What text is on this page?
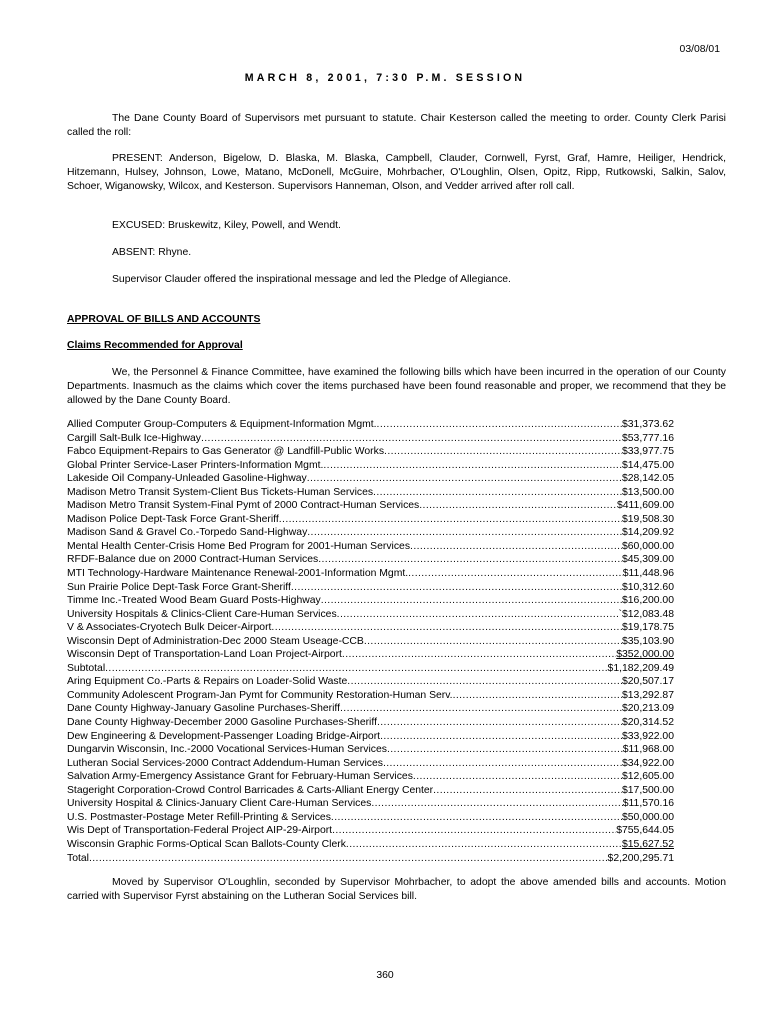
03/08/01
MARCH 8, 2001, 7:30 P.M. SESSION

The Dane County Board of Supervisors met pursuant to statute. Chair Kesterson called the meeting to order. County Clerk Parisi called the roll:

PRESENT: Anderson, Bigelow, D. Blaska, M. Blaska, Campbell, Clauder, Cornwell, Fyrst, Graf, Hamre, Heiliger, Hendrick, Hitzemann, Hulsey, Johnson, Lowe, Matano, McDonell, McGuire, Mohrbacher, O'Loughlin, Olsen, Opitz, Ripp, Rutkowski, Salkin, Salov, Schoer, Wiganowsky, Wilcox, and Kesterson. Supervisors Hanneman, Olson, and Vedder arrived after roll call.

EXCUSED: Bruskewitz, Kiley, Powell, and Wendt.

ABSENT: Rhyne.

Supervisor Clauder offered the inspirational message and led the Pledge of Allegiance.

APPROVAL OF BILLS AND ACCOUNTS

Claims Recommended for Approval

We, the Personnel & Finance Committee, have examined the following bills which have been incurred in the operation of our County Departments. Inasmuch as the claims which cover the items purchased have been found reasonable and proper, we recommend that they be allowed by the Dane County Board.

Allied Computer Group-Computers & Equipment-Information Mgmt. .....	$31,373.62
Cargill Salt-Bulk Ice-Highway .....	$53,777.16
Fabco Equipment-Repairs to Gas Generator @ Landfill-Public Works .....	$33,977.75
Global Printer Service-Laser Printers-Information Mgmt. .....	$14,475.00
Lakeside Oil Company-Unleaded Gasoline-Highway .....	$28,142.05
Madison Metro Transit System-Client Bus Tickets-Human Services .....	$13,500.00
Madison Metro Transit System-Final Pymt of 2000 Contract-Human Services .....	$411,609.00
Madison Police Dept-Task Force Grant-Sheriff .....	$19,508.30
Madison Sand & Gravel Co.-Torpedo Sand-Highway .....	$14,209.92
Mental Health Center-Crisis Home Bed Program for 2001-Human Services .....	$60,000.00
RFDF-Balance due on 2000 Contract-Human Services .....	$45,309.00
MTI Technology-Hardware Maintenance Renewal-2001-Information Mgmt. .....	$11,448.96
Sun Prairie Police Dept-Task Force Grant-Sheriff .....	$10,312.60
Timme Inc.-Treated Wood Beam Guard Posts-Highway .....	$16,200.00
University Hospitals & Clinics-Client Care-Human Services .....	`$12,083.48
V & Associates-Cryotech Bulk Deicer-Airport .....	$19,178.75
Wisconsin Dept of Administration-Dec 2000 Steam Useage-CCB .....	$35,103.90
Wisconsin Dept of Transportation-Land Loan Project-Airport .....	$352,000.00
Subtotal .....	$1,182,209.49
Aring Equipment Co.-Parts & Repairs on Loader-Solid Waste .....	$20,507.17
Community Adolescent Program-Jan Pymt for Community Restoration-Human Serv. .....	$13,292.87
Dane County Highway-January Gasoline Purchases-Sheriff .....	$20,213.09
Dane County Highway-December 2000 Gasoline Purchases-Sheriff .....	$20,314.52
Dew Engineering & Development-Passenger Loading Bridge-Airport .....	$33,922.00
Dungarvin Wisconsin, Inc.-2000 Vocational Services-Human Services .....	$11,968.00
Lutheran Social Services-2000 Contract Addendum-Human Services .....	$34,922.00
Salvation Army-Emergency Assistance Grant for February-Human Services .....	$12,605.00
Stageright Corporation-Crowd Control Barricades & Carts-Alliant Energy Center .....	$17,500.00
University Hospital & Clinics-January Client Care-Human Services .....	$11,570.16
U.S. Postmaster-Postage Meter Refill-Printing & Services .....	$50,000.00
Wis Dept of Transportation-Federal Project AIP-29-Airport .....	$755,644.05
Wisconsin Graphic Forms-Optical Scan Ballots-County Clerk .....	$15,627.52
Total .....	$2,200,295.71

Moved by Supervisor O'Loughlin, seconded by Supervisor Mohrbacher, to adopt the above amended bills and accounts. Motion carried with Supervisor Fyrst abstaining on the Lutheran Social Services bill.

360
